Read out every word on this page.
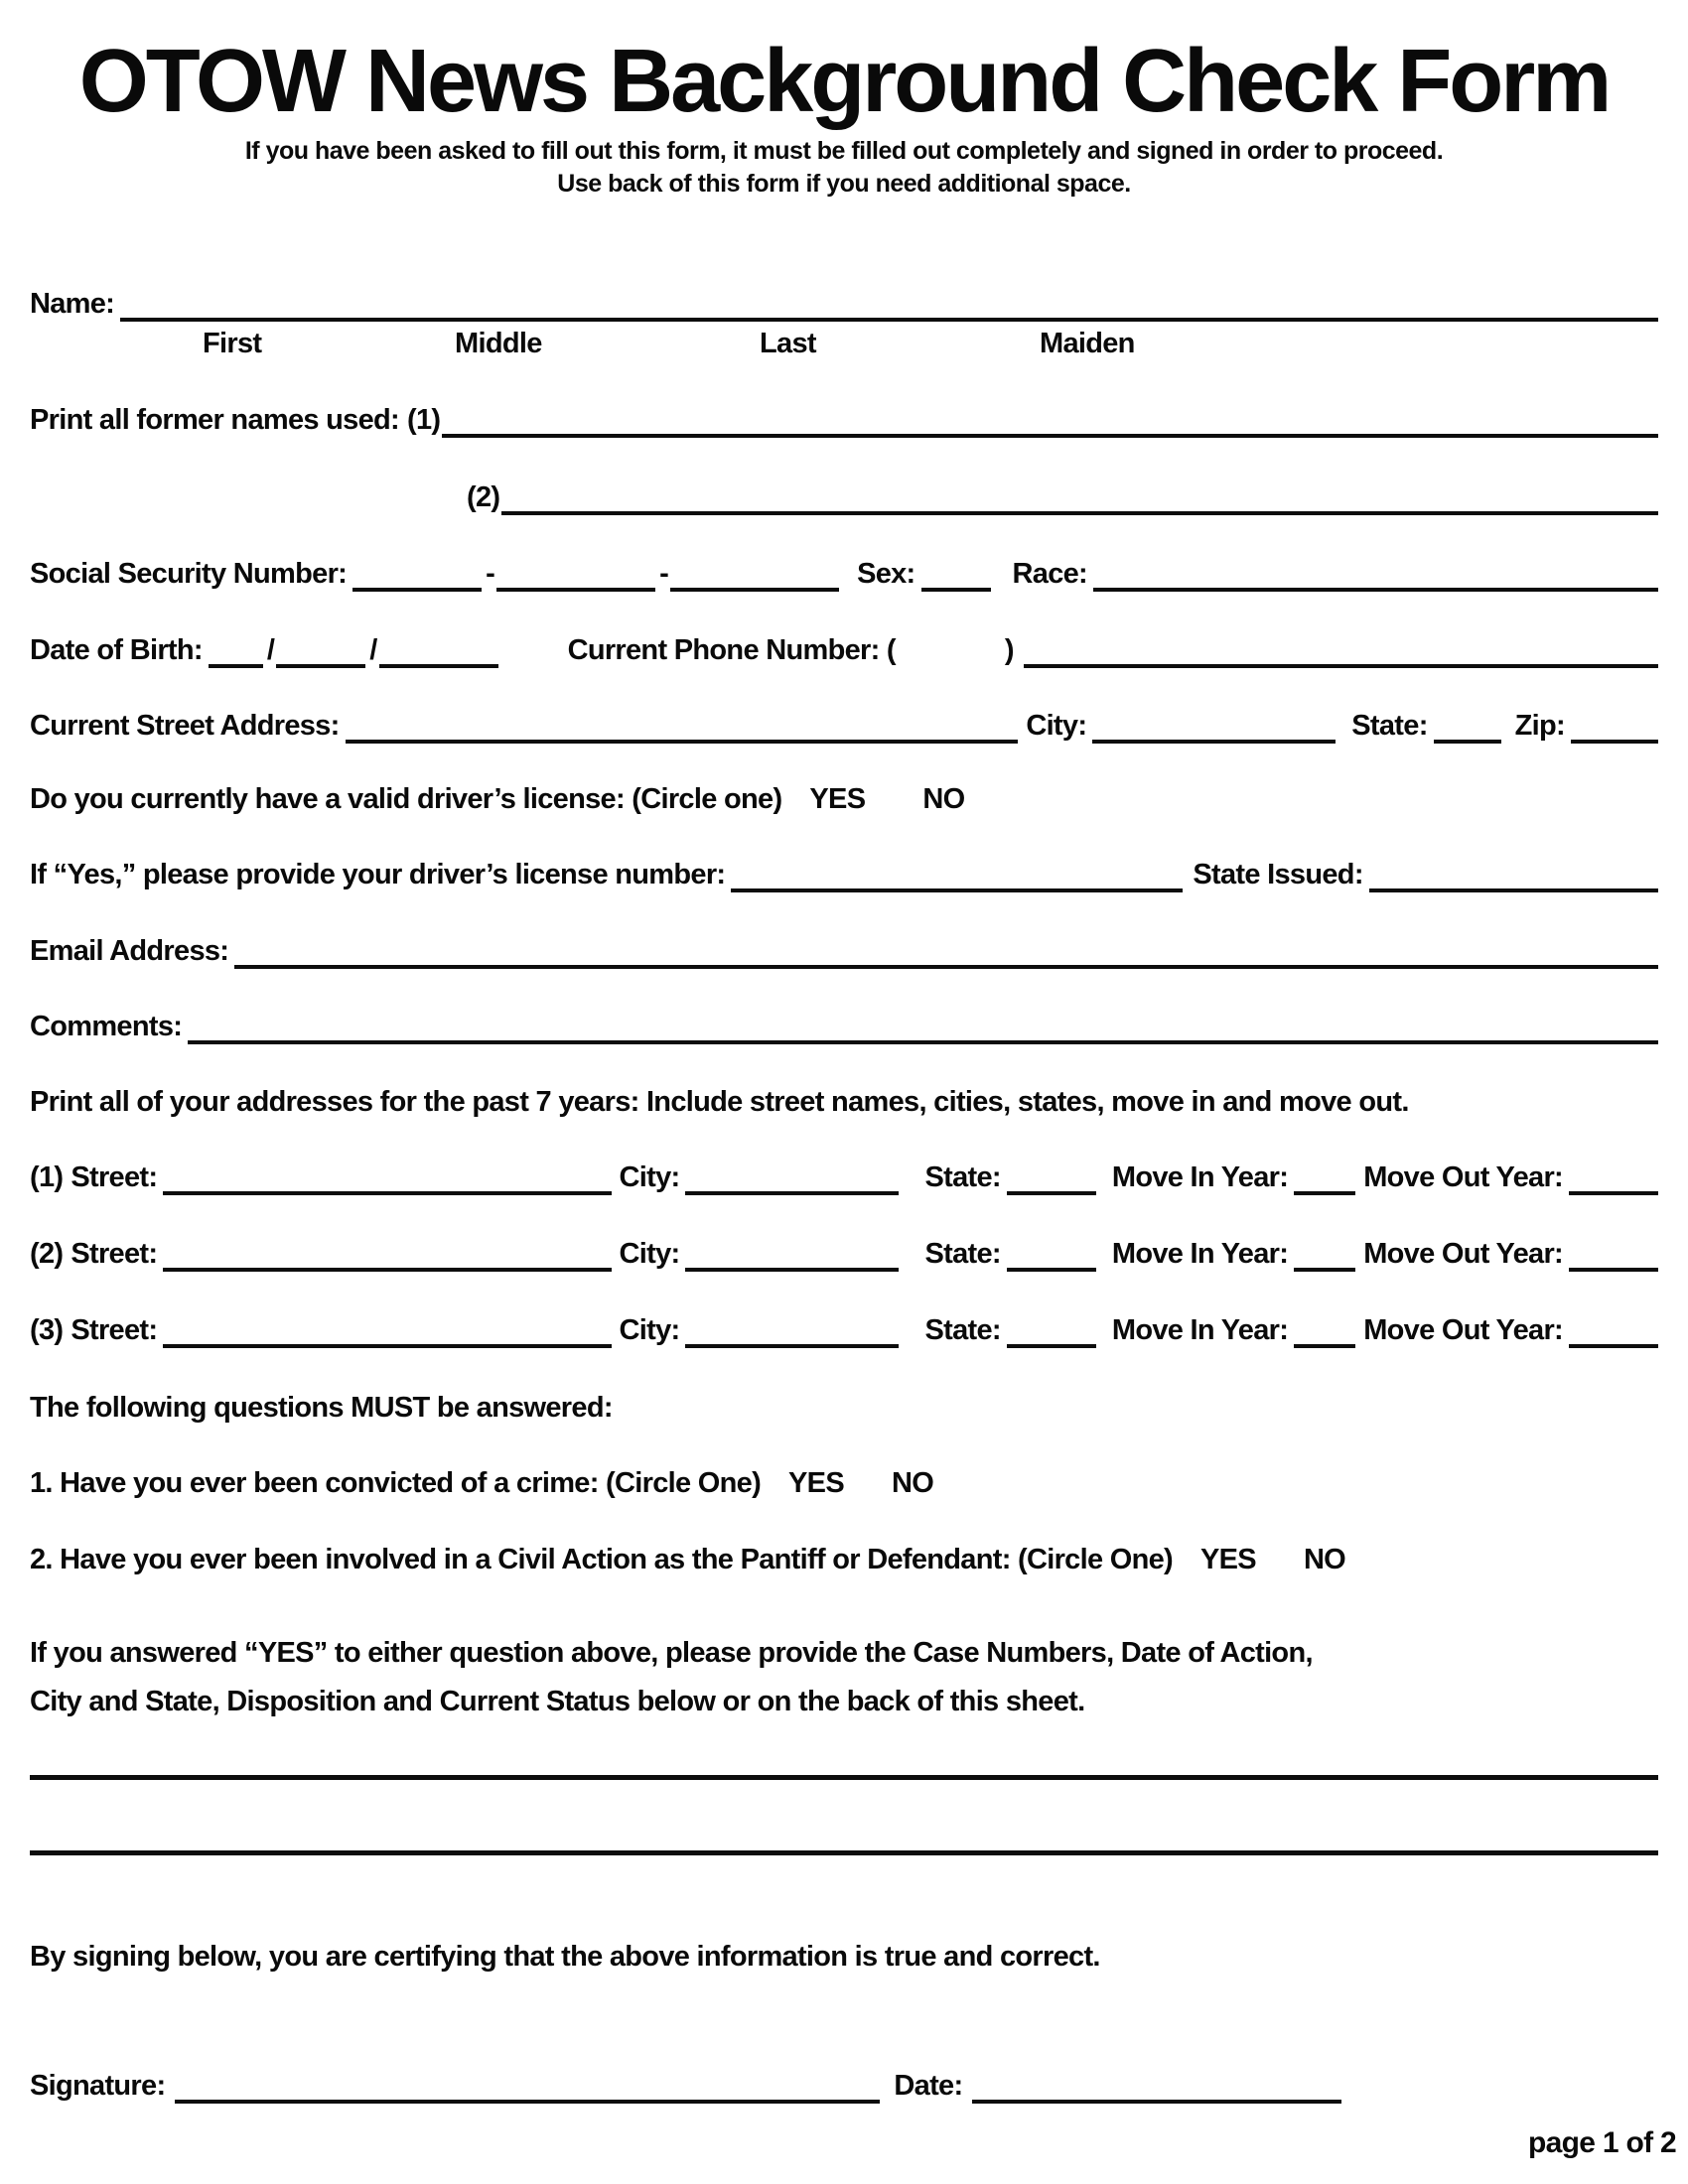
OTOW News Background Check Form
If you have been asked to fill out this form, it must be filled out completely and signed in order to proceed.
Use back of this form if you need additional space.
Name:
First	Middle	Last	Maiden
Print all former names used: (1)
(2)
Social Security Number:	-	-	Sex:	Race:
Date of Birth: /	/	Current Phone Number: (	)
Current Street Address:	City:	State:	Zip:
Do you currently have a valid driver’s license: (Circle one) YES NO
If “Yes,” please provide your driver’s license number:	State Issued:
Email Address:
Comments:
Print all of your addresses for the past 7 years: Include street names, cities, states, move in and move out.
(1) Street:	City:	State:	Move In Year:	Move Out Year:
(2) Street:	City:	State:	Move In Year:	Move Out Year:
(3) Street:	City:	State:	Move In Year:	Move Out Year:
The following questions MUST be answered:
1. Have you ever been convicted of a crime: (Circle One) YES NO
2. Have you ever been involved in a Civil Action as the Pantiff or Defendant: (Circle One) YES NO
If you answered “YES” to either question above, please provide the Case Numbers, Date of Action,
City and State, Disposition and Current Status below or on the back of this sheet.
By signing below, you are certifying that the above information is true and correct.
Signature:	Date:
page 1 of 2
